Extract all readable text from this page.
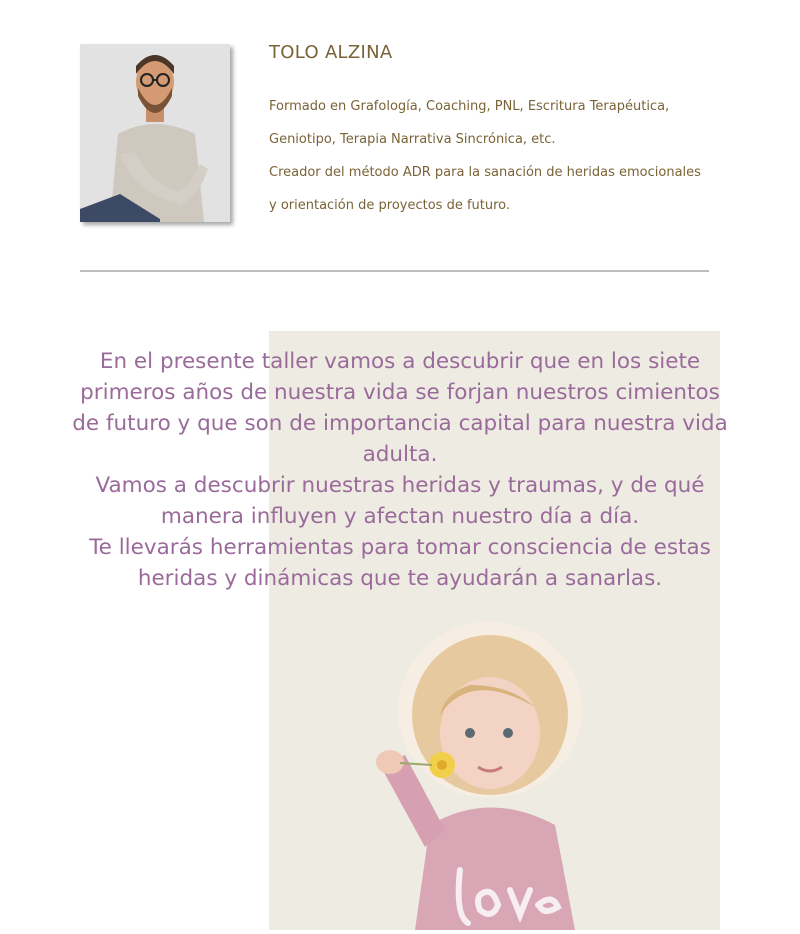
TOLO ALZINA
Formado en Grafología, Coaching, PNL, Escritura Terapéutica,
Geniotipo, Terapia Narrativa Sincrónica, etc.
Creador del método ADR para la sanación de heridas emocionales
y orientación de proyectos de futuro.

En el presente taller vamos a descubrir que en los siete primeros años de nuestra vida se forjan nuestros cimientos de futuro y que son de importancia capital para nuestra vida adulta.

Vamos a descubrir nuestras heridas y traumas, y de qué manera influyen y afectan nuestro día a día.

Te llevarás herramientas para tomar consciencia de estas heridas y dinámicas que te ayudarán a sanarlas.
